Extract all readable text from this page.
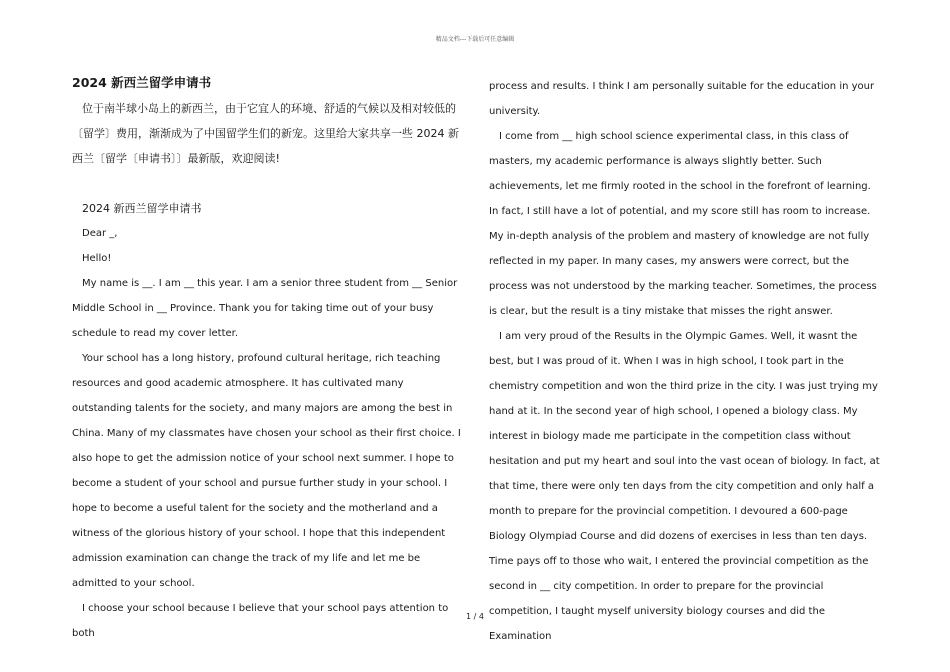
精品文档---下载后可任意编辑
2024 新西兰留学申请书

位于南半球小岛上的新西兰，由于它宜人的环境、舒适的气候以及相对较低的〔留学〕费用，渐渐成为了中国留学生们的新宠。这里给大家共享一些 2024 新西兰〔留学〔申请书〕〕最新版，欢迎阅读!

2024 新西兰留学申请书

Dear _,

Hello!

My name is __. I am __ this year. I am a senior three student from __ Senior Middle School in __ Province. Thank you for taking time out of your busy schedule to read my cover letter.

Your school has a long history, profound cultural heritage, rich teaching resources and good academic atmosphere. It has cultivated many outstanding talents for the society, and many majors are among the best in China. Many of my classmates have chosen your school as their first choice. I also hope to get the admission notice of your school next summer. I hope to become a student of your school and pursue further study in your school. I hope to become a useful talent for the society and the motherland and a witness of the glorious history of your school. I hope that this independent admission examination can change the track of my life and let me be admitted to your school.

I choose your school because I believe that your school pays attention to both

process and results. I think I am personally suitable for the education in your university.

I come from __ high school science experimental class, in this class of masters, my academic performance is always slightly better. Such achievements, let me firmly rooted in the school in the forefront of learning. In fact, I still have a lot of potential, and my score still has room to increase. My in-depth analysis of the problem and mastery of knowledge are not fully reflected in my paper. In many cases, my answers were correct, but the process was not understood by the marking teacher. Sometimes, the process is clear, but the result is a tiny mistake that misses the right answer.

I am very proud of the Results in the Olympic Games. Well, it wasnt the best, but I was proud of it. When I was in high school, I took part in the chemistry competition and won the third prize in the city. I was just trying my hand at it. In the second year of high school, I opened a biology class. My interest in biology made me participate in the competition class without hesitation and put my heart and soul into the vast ocean of biology. In fact, at that time, there were only ten days from the city competition and only half a month to prepare for the provincial competition. I devoured a 600-page Biology Olympiad Course and did dozens of exercises in less than ten days. Time pays off to those who wait, I entered the provincial competition as the second in __ city competition. In order to prepare for the provincial competition, I taught myself university biology courses and did the Examination

1 / 4
